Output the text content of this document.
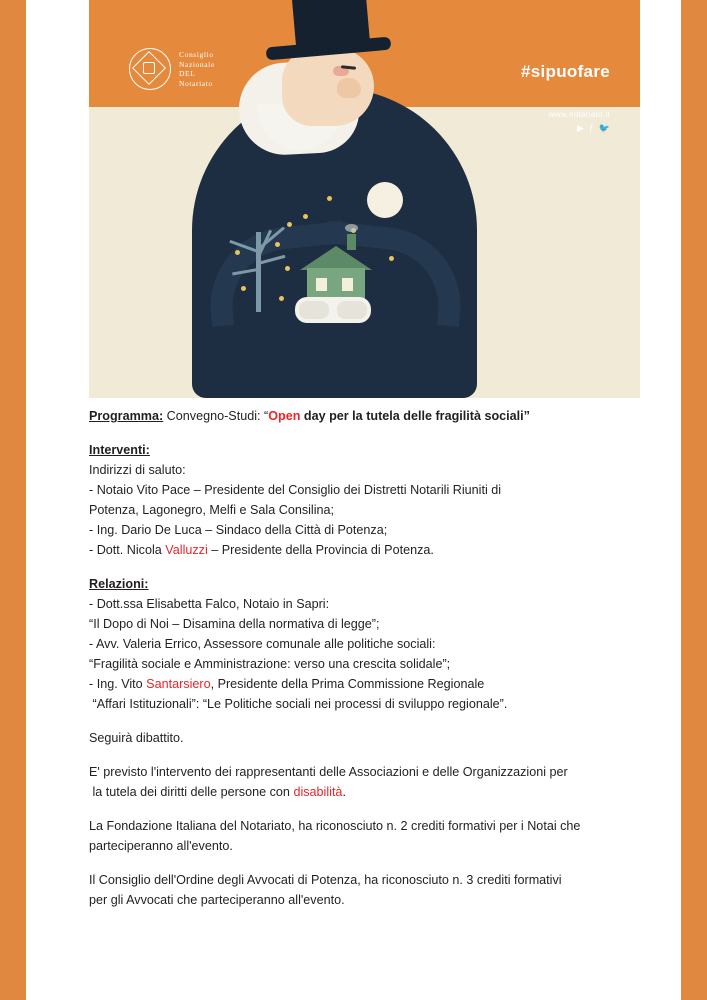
Consiglio
Nazionale
DEL
Notariato
#sipuofare
www.notariato.it
▶ ƒ 🐦
Programma: Convegno-Studi: “Open day per la tutela delle fragilità sociali”
Interventi:
Indirizzi di saluto:
- Notaio Vito Pace – Presidente del Consiglio dei Distretti Notarili Riuniti di
Potenza, Lagonegro, Melfi e Sala Consilina;
- Ing. Dario De Luca – Sindaco della Città di Potenza;
- Dott. Nicola Valluzzi – Presidente della Provincia di Potenza.
Relazioni:
- Dott.ssa Elisabetta Falco, Notaio in Sapri:
“Il Dopo di Noi – Disamina della normativa di legge”;
- Avv. Valeria Errico, Assessore comunale alle politiche sociali:
“Fragilità sociale e Amministrazione: verso una crescita solidale”;
- Ing. Vito Santarsiero, Presidente della Prima Commissione Regionale
“Affari Istituzionali”: “Le Politiche sociali nei processi di sviluppo regionale”.
Seguirà dibattito.
E' previsto l'intervento dei rappresentanti delle Associazioni e delle Organizzazioni per
la tutela dei diritti delle persone con disabilità.
La Fondazione Italiana del Notariato, ha riconosciuto n. 2 crediti formativi per i Notai che
parteciperanno all'evento.
Il Consiglio dell'Ordine degli Avvocati di Potenza, ha riconosciuto n. 3 crediti formativi
per gli Avvocati che parteciperanno all'evento.
